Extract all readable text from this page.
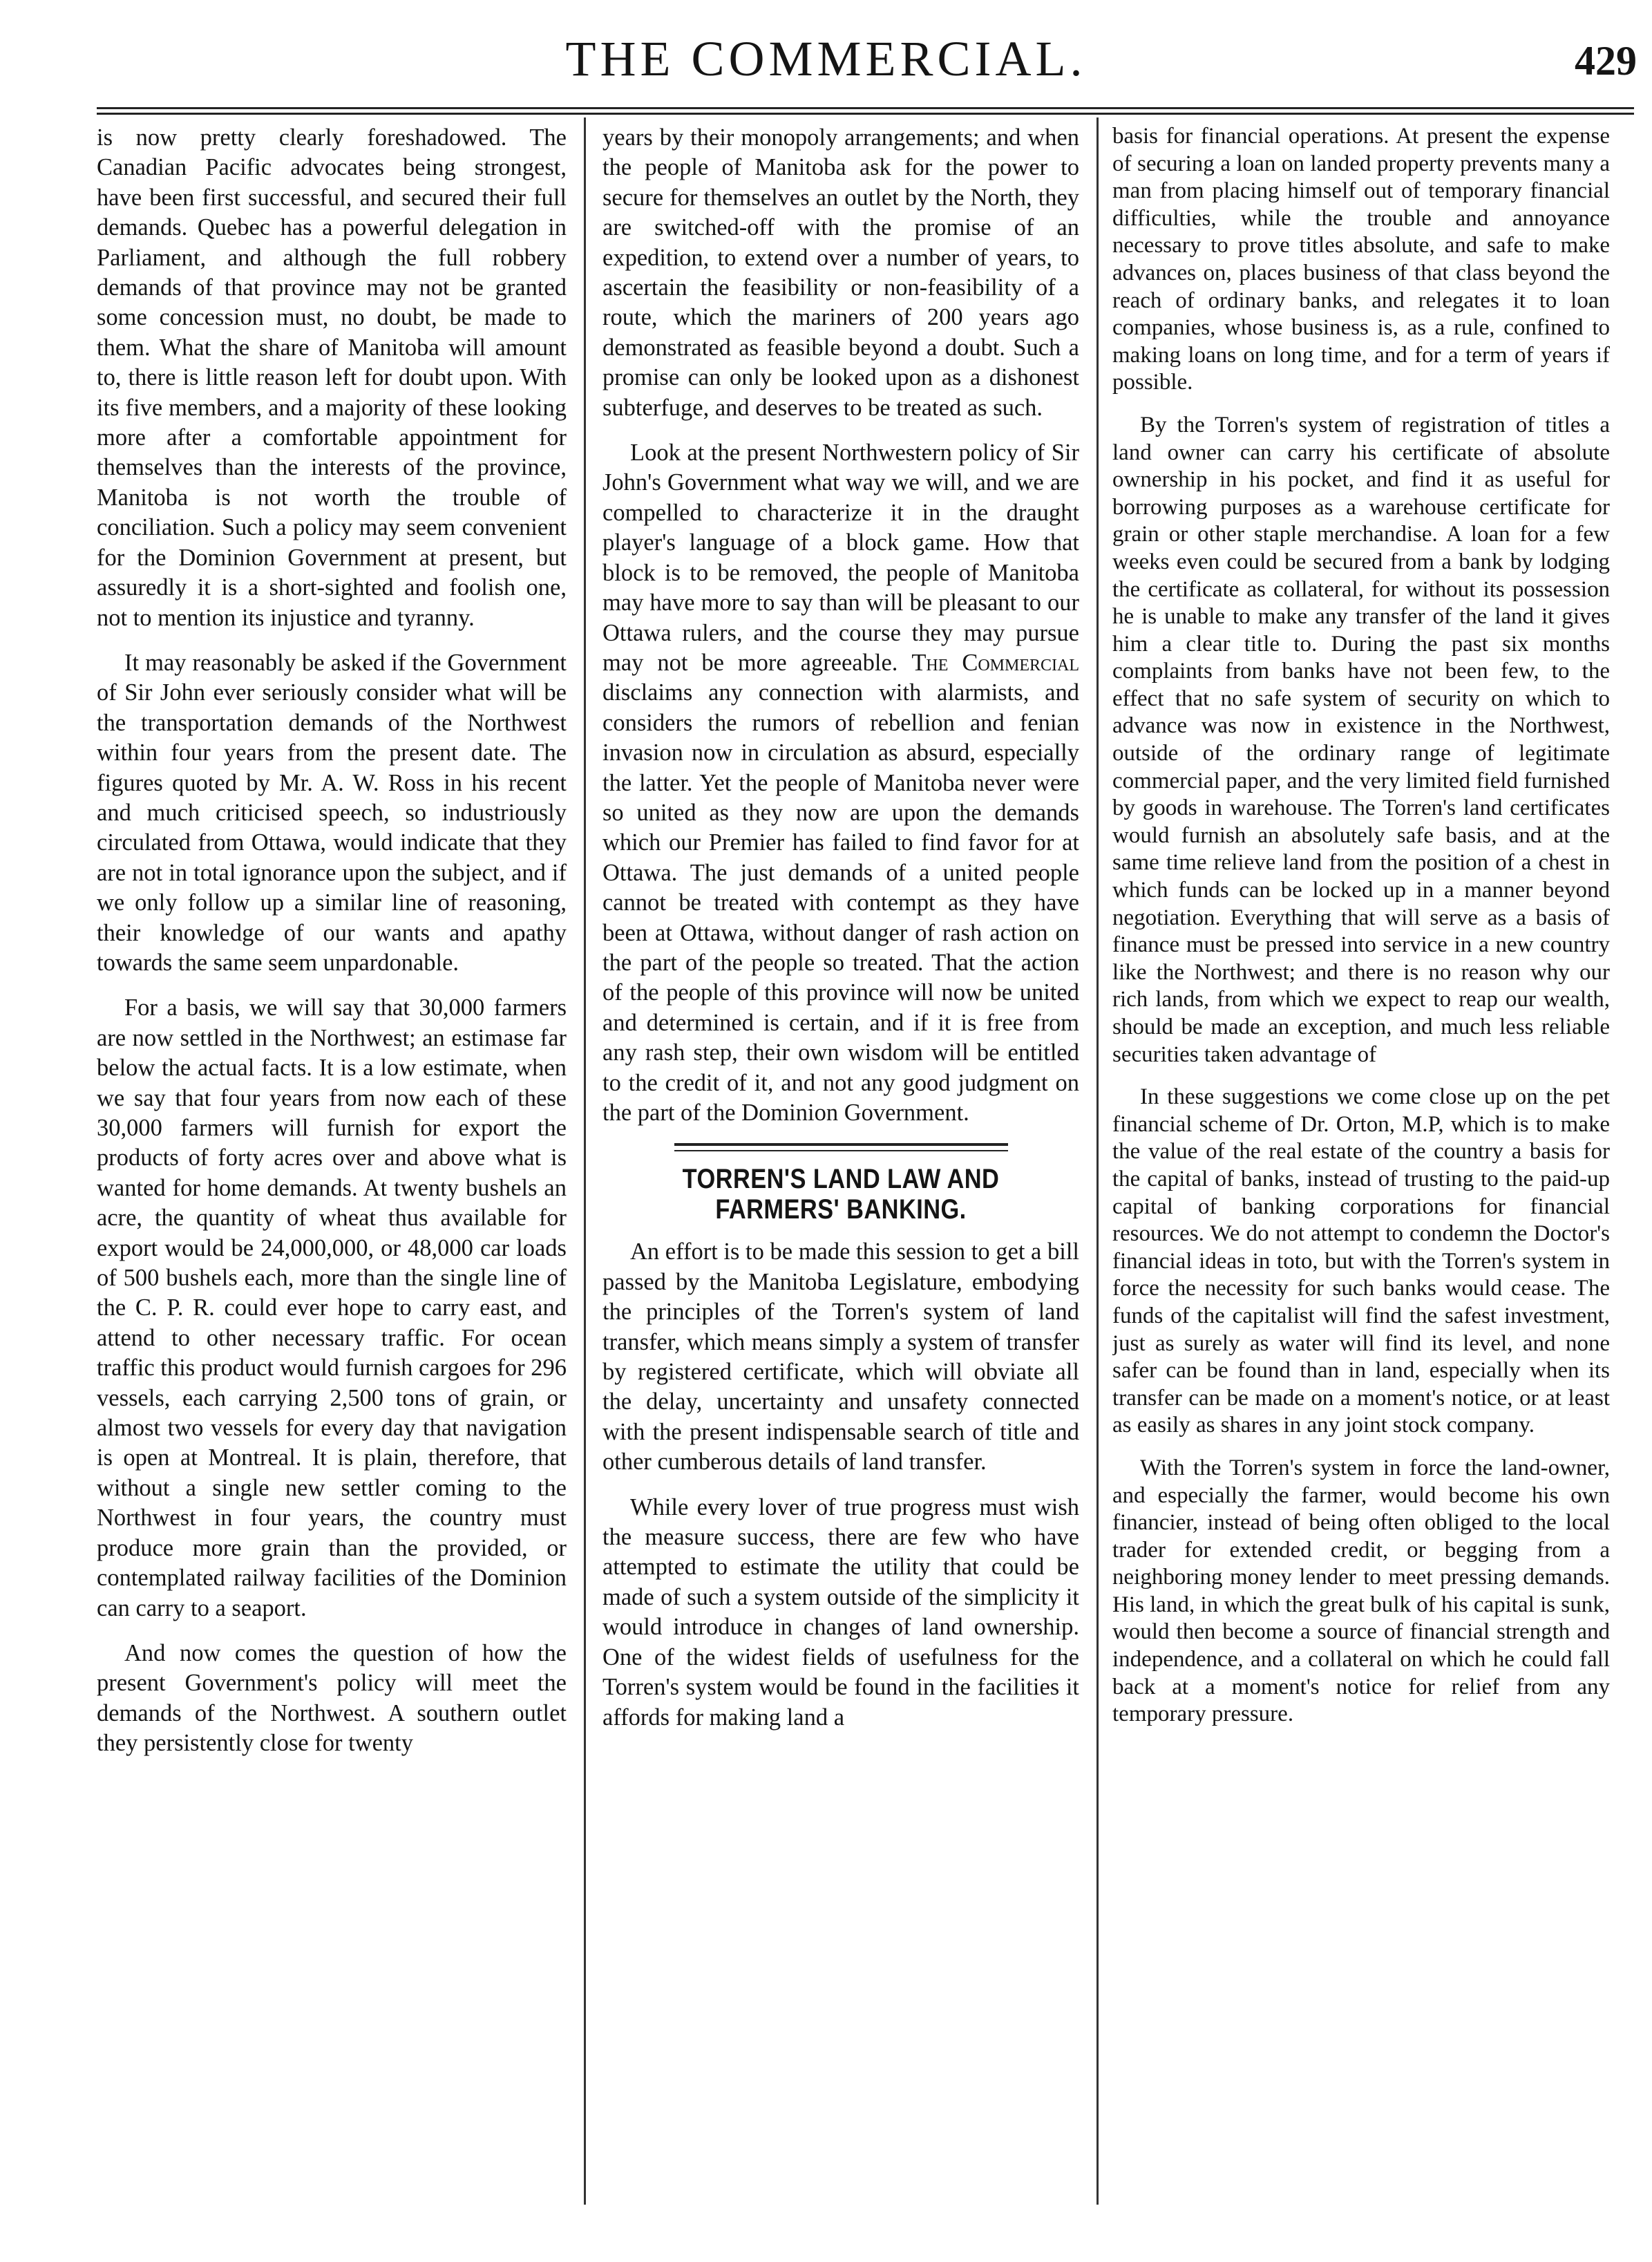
THE COMMERCIAL.	429

is now pretty clearly foreshadowed. The Canadian Pacific advocates being strongest, have been first successful, and secured their full demands. Quebec has a powerful delegation in Parliament, and although the full robbery demands of that province may not be granted some concession must, no doubt, be made to them. What the share of Manitoba will amount to, there is little reason left for doubt upon. With its five members, and a majority of these looking more after a comfortable appointment for themselves than the interests of the province, Manitoba is not worth the trouble of conciliation. Such a policy may seem convenient for the Dominion Government at present, but assuredly it is a short-sighted and foolish one, not to mention its injustice and tyranny.

It may reasonably be asked if the Government of Sir John ever seriously consider what will be the transportation demands of the Northwest within four years from the present date. The figures quoted by Mr. A. W. Ross in his recent and much criticised speech, so industriously circulated from Ottawa, would indicate that they are not in total ignorance upon the subject, and if we only follow up a similar line of reasoning, their knowledge of our wants and apathy towards the same seem unpardonable.

For a basis, we will say that 30,000 farmers are now settled in the Northwest; an estimase far below the actual facts. It is a low estimate, when we say that four years from now each of these 30,000 farmers will furnish for export the products of forty acres over and above what is wanted for home demands. At twenty bushels an acre, the quantity of wheat thus available for export would be 24,000,000, or 48,000 car loads of 500 bushels each, more than the single line of the C. P. R. could ever hope to carry east, and attend to other necessary traffic. For ocean traffic this product would furnish cargoes for 296 vessels, each carrying 2,500 tons of grain, or almost two vessels for every day that navigation is open at Montreal. It is plain, therefore, that without a single new settler coming to the Northwest in four years, the country must produce more grain than the provided, or contemplated railway facilities of the Dominion can carry to a seaport.

And now comes the question of how the present Government's policy will meet the demands of the Northwest. A southern outlet they persistently close for twenty

years by their monopoly arrangements; and when the people of Manitoba ask for the power to secure for themselves an outlet by the North, they are switched-off with the promise of an expedition, to extend over a number of years, to ascertain the feasibility or non-feasibility of a route, which the mariners of 200 years ago demonstrated as feasible beyond a doubt. Such a promise can only be looked upon as a dishonest subterfuge, and deserves to be treated as such.

Look at the present Northwestern policy of Sir John's Government what way we will, and we are compelled to characterize it in the draught player's language of a block game. How that block is to be removed, the people of Manitoba may have more to say than will be pleasant to our Ottawa rulers, and the course they may pursue may not be more agreeable. The Commercial disclaims any connection with alarmists, and considers the rumors of rebellion and fenian invasion now in circulation as absurd, especially the latter. Yet the people of Manitoba never were so united as they now are upon the demands which our Premier has failed to find favor for at Ottawa. The just demands of a united people cannot be treated with contempt as they have been at Ottawa, without danger of rash action on the part of the people so treated. That the action of the people of this province will now be united and determined is certain, and if it is free from any rash step, their own wisdom will be entitled to the credit of it, and not any good judgment on the part of the Dominion Government.

TORREN'S LAND LAW AND FARMERS' BANKING.

An effort is to be made this session to get a bill passed by the Manitoba Legislature, embodying the principles of the Torren's system of land transfer, which means simply a system of transfer by registered certificate, which will obviate all the delay, uncertainty and unsafety connected with the present indispensable search of title and other cumberous details of land transfer.

While every lover of true progress must wish the measure success, there are few who have attempted to estimate the utility that could be made of such a system outside of the simplicity it would introduce in changes of land ownership. One of the widest fields of usefulness for the Torren's system would be found in the facilities it affords for making land a

basis for financial operations. At present the expense of securing a loan on landed property prevents many a man from placing himself out of temporary financial difficulties, while the trouble and annoyance necessary to prove titles absolute, and safe to make advances on, places business of that class beyond the reach of ordinary banks, and relegates it to loan companies, whose business is, as a rule, confined to making loans on long time, and for a term of years if possible.

By the Torren's system of registration of titles a land owner can carry his certificate of absolute ownership in his pocket, and find it as useful for borrowing purposes as a warehouse certificate for grain or other staple merchandise. A loan for a few weeks even could be secured from a bank by lodging the certificate as collateral, for without its possession he is unable to make any transfer of the land it gives him a clear title to. During the past six months complaints from banks have not been few, to the effect that no safe system of security on which to advance was now in existence in the Northwest, outside of the ordinary range of legitimate commercial paper, and the very limited field furnished by goods in warehouse. The Torren's land certificates would furnish an absolutely safe basis, and at the same time relieve land from the position of a chest in which funds can be locked up in a manner beyond negotiation. Everything that will serve as a basis of finance must be pressed into service in a new country like the Northwest; and there is no reason why our rich lands, from which we expect to reap our wealth, should be made an exception, and much less reliable securities taken advantage of

In these suggestions we come close up on the pet financial scheme of Dr. Orton, M.P, which is to make the value of the real estate of the country a basis for the capital of banks, instead of trusting to the paid-up capital of banking corporations for financial resources. We do not attempt to condemn the Doctor's financial ideas in toto, but with the Torren's system in force the necessity for such banks would cease. The funds of the capitalist will find the safest investment, just as surely as water will find its level, and none safer can be found than in land, especially when its transfer can be made on a moment's notice, or at least as easily as shares in any joint stock company.

With the Torren's system in force the land-owner, and especially the farmer, would become his own financier, instead of being often obliged to the local trader for extended credit, or begging from a neighboring money lender to meet pressing demands. His land, in which the great bulk of his capital is sunk, would then become a source of financial strength and independence, and a collateral on which he could fall back at a moment's notice for relief from any temporary pressure.
